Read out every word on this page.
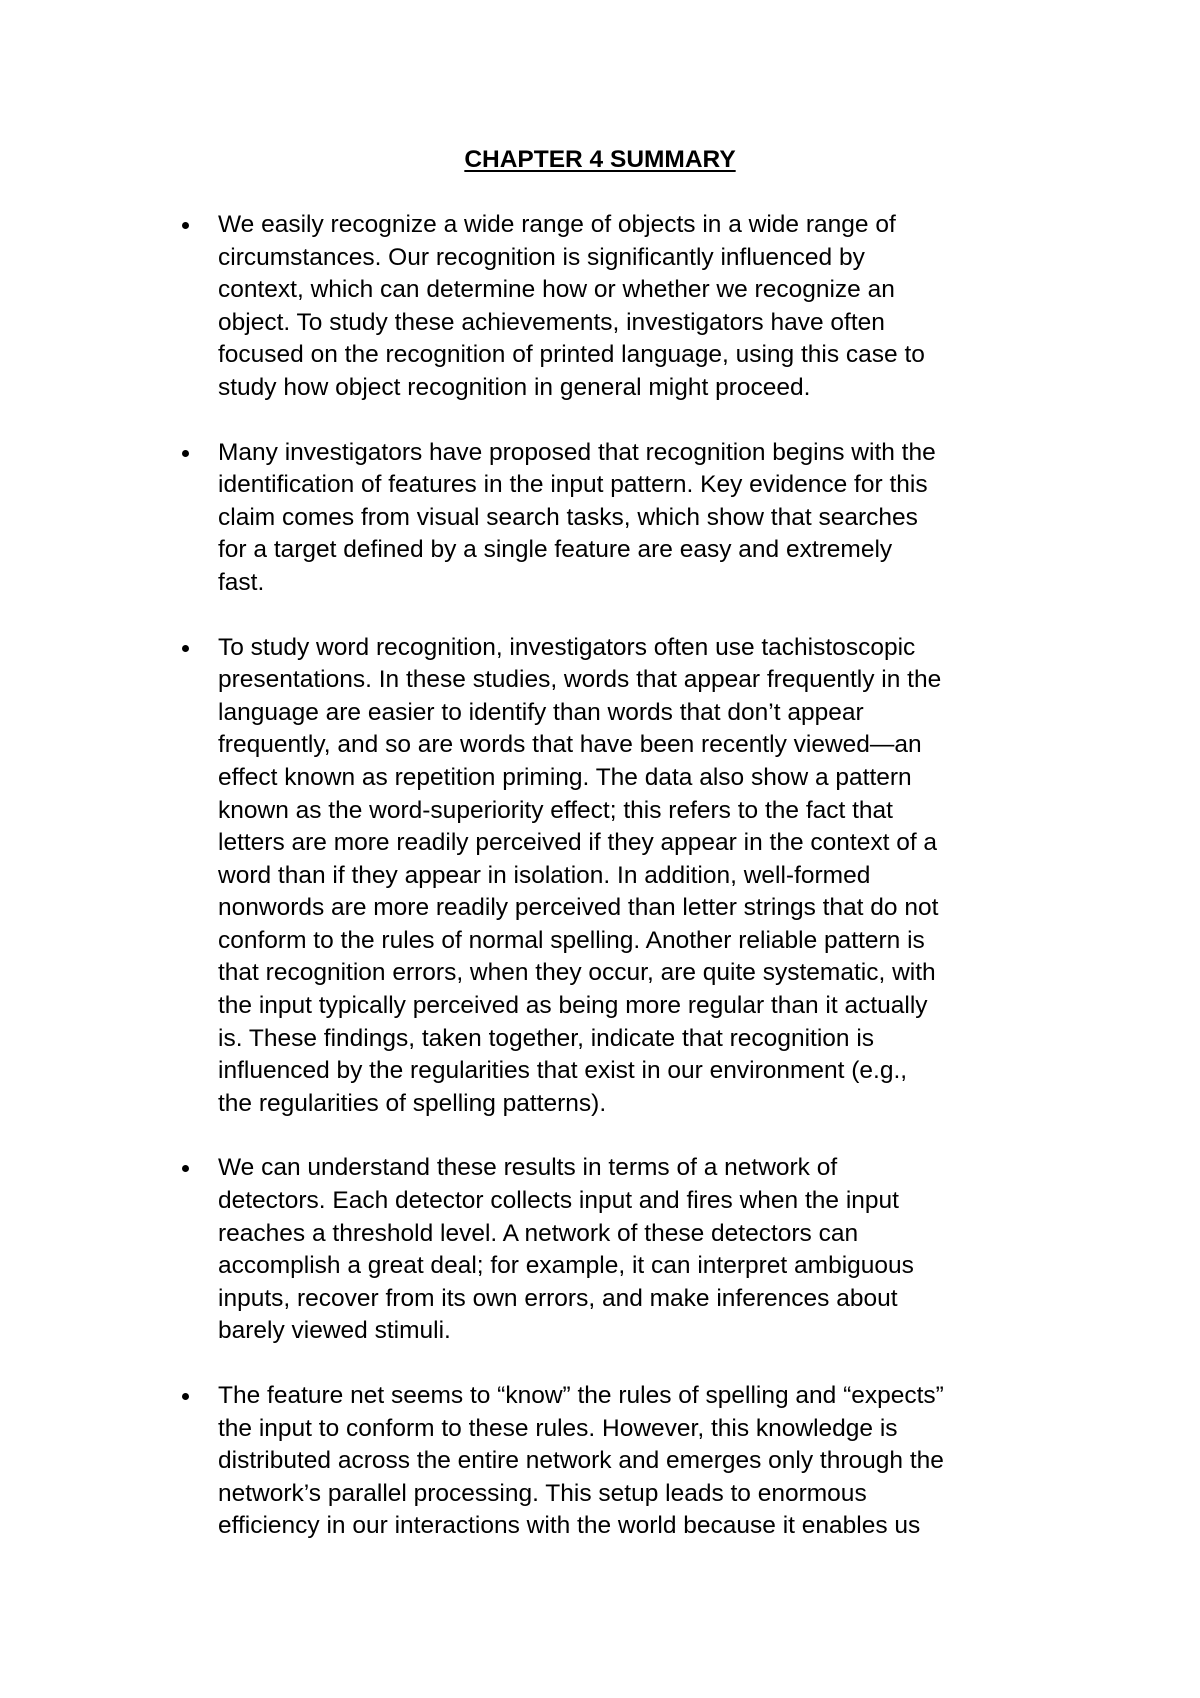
CHAPTER 4 SUMMARY
We easily recognize a wide range of objects in a wide range of
circumstances. Our recognition is significantly influenced by
context, which can determine how or whether we recognize an
object. To study these achievements, investigators have often
focused on the recognition of printed language, using this case to
study how object recognition in general might proceed.
Many investigators have proposed that recognition begins with the
identification of features in the input pattern. Key evidence for this
claim comes from visual search tasks, which show that searches
for a target defined by a single feature are easy and extremely
fast.
To study word recognition, investigators often use tachistoscopic
presentations. In these studies, words that appear frequently in the
language are easier to identify than words that don’t appear
frequently, and so are words that have been recently viewed—an
effect known as repetition priming. The data also show a pattern
known as the word-superiority effect; this refers to the fact that
letters are more readily perceived if they appear in the context of a
word than if they appear in isolation. In addition, well-formed
nonwords are more readily perceived than letter strings that do not
conform to the rules of normal spelling. Another reliable pattern is
that recognition errors, when they occur, are quite systematic, with
the input typically perceived as being more regular than it actually
is. These findings, taken together, indicate that recognition is
influenced by the regularities that exist in our environment (e.g.,
the regularities of spelling patterns).
We can understand these results in terms of a network of
detectors. Each detector collects input and fires when the input
reaches a threshold level. A network of these detectors can
accomplish a great deal; for example, it can interpret ambiguous
inputs, recover from its own errors, and make inferences about
barely viewed stimuli.
The feature net seems to “know” the rules of spelling and “expects”
the input to conform to these rules. However, this knowledge is
distributed across the entire network and emerges only through the
network’s parallel processing. This setup leads to enormous
efficiency in our interactions with the world because it enables us
